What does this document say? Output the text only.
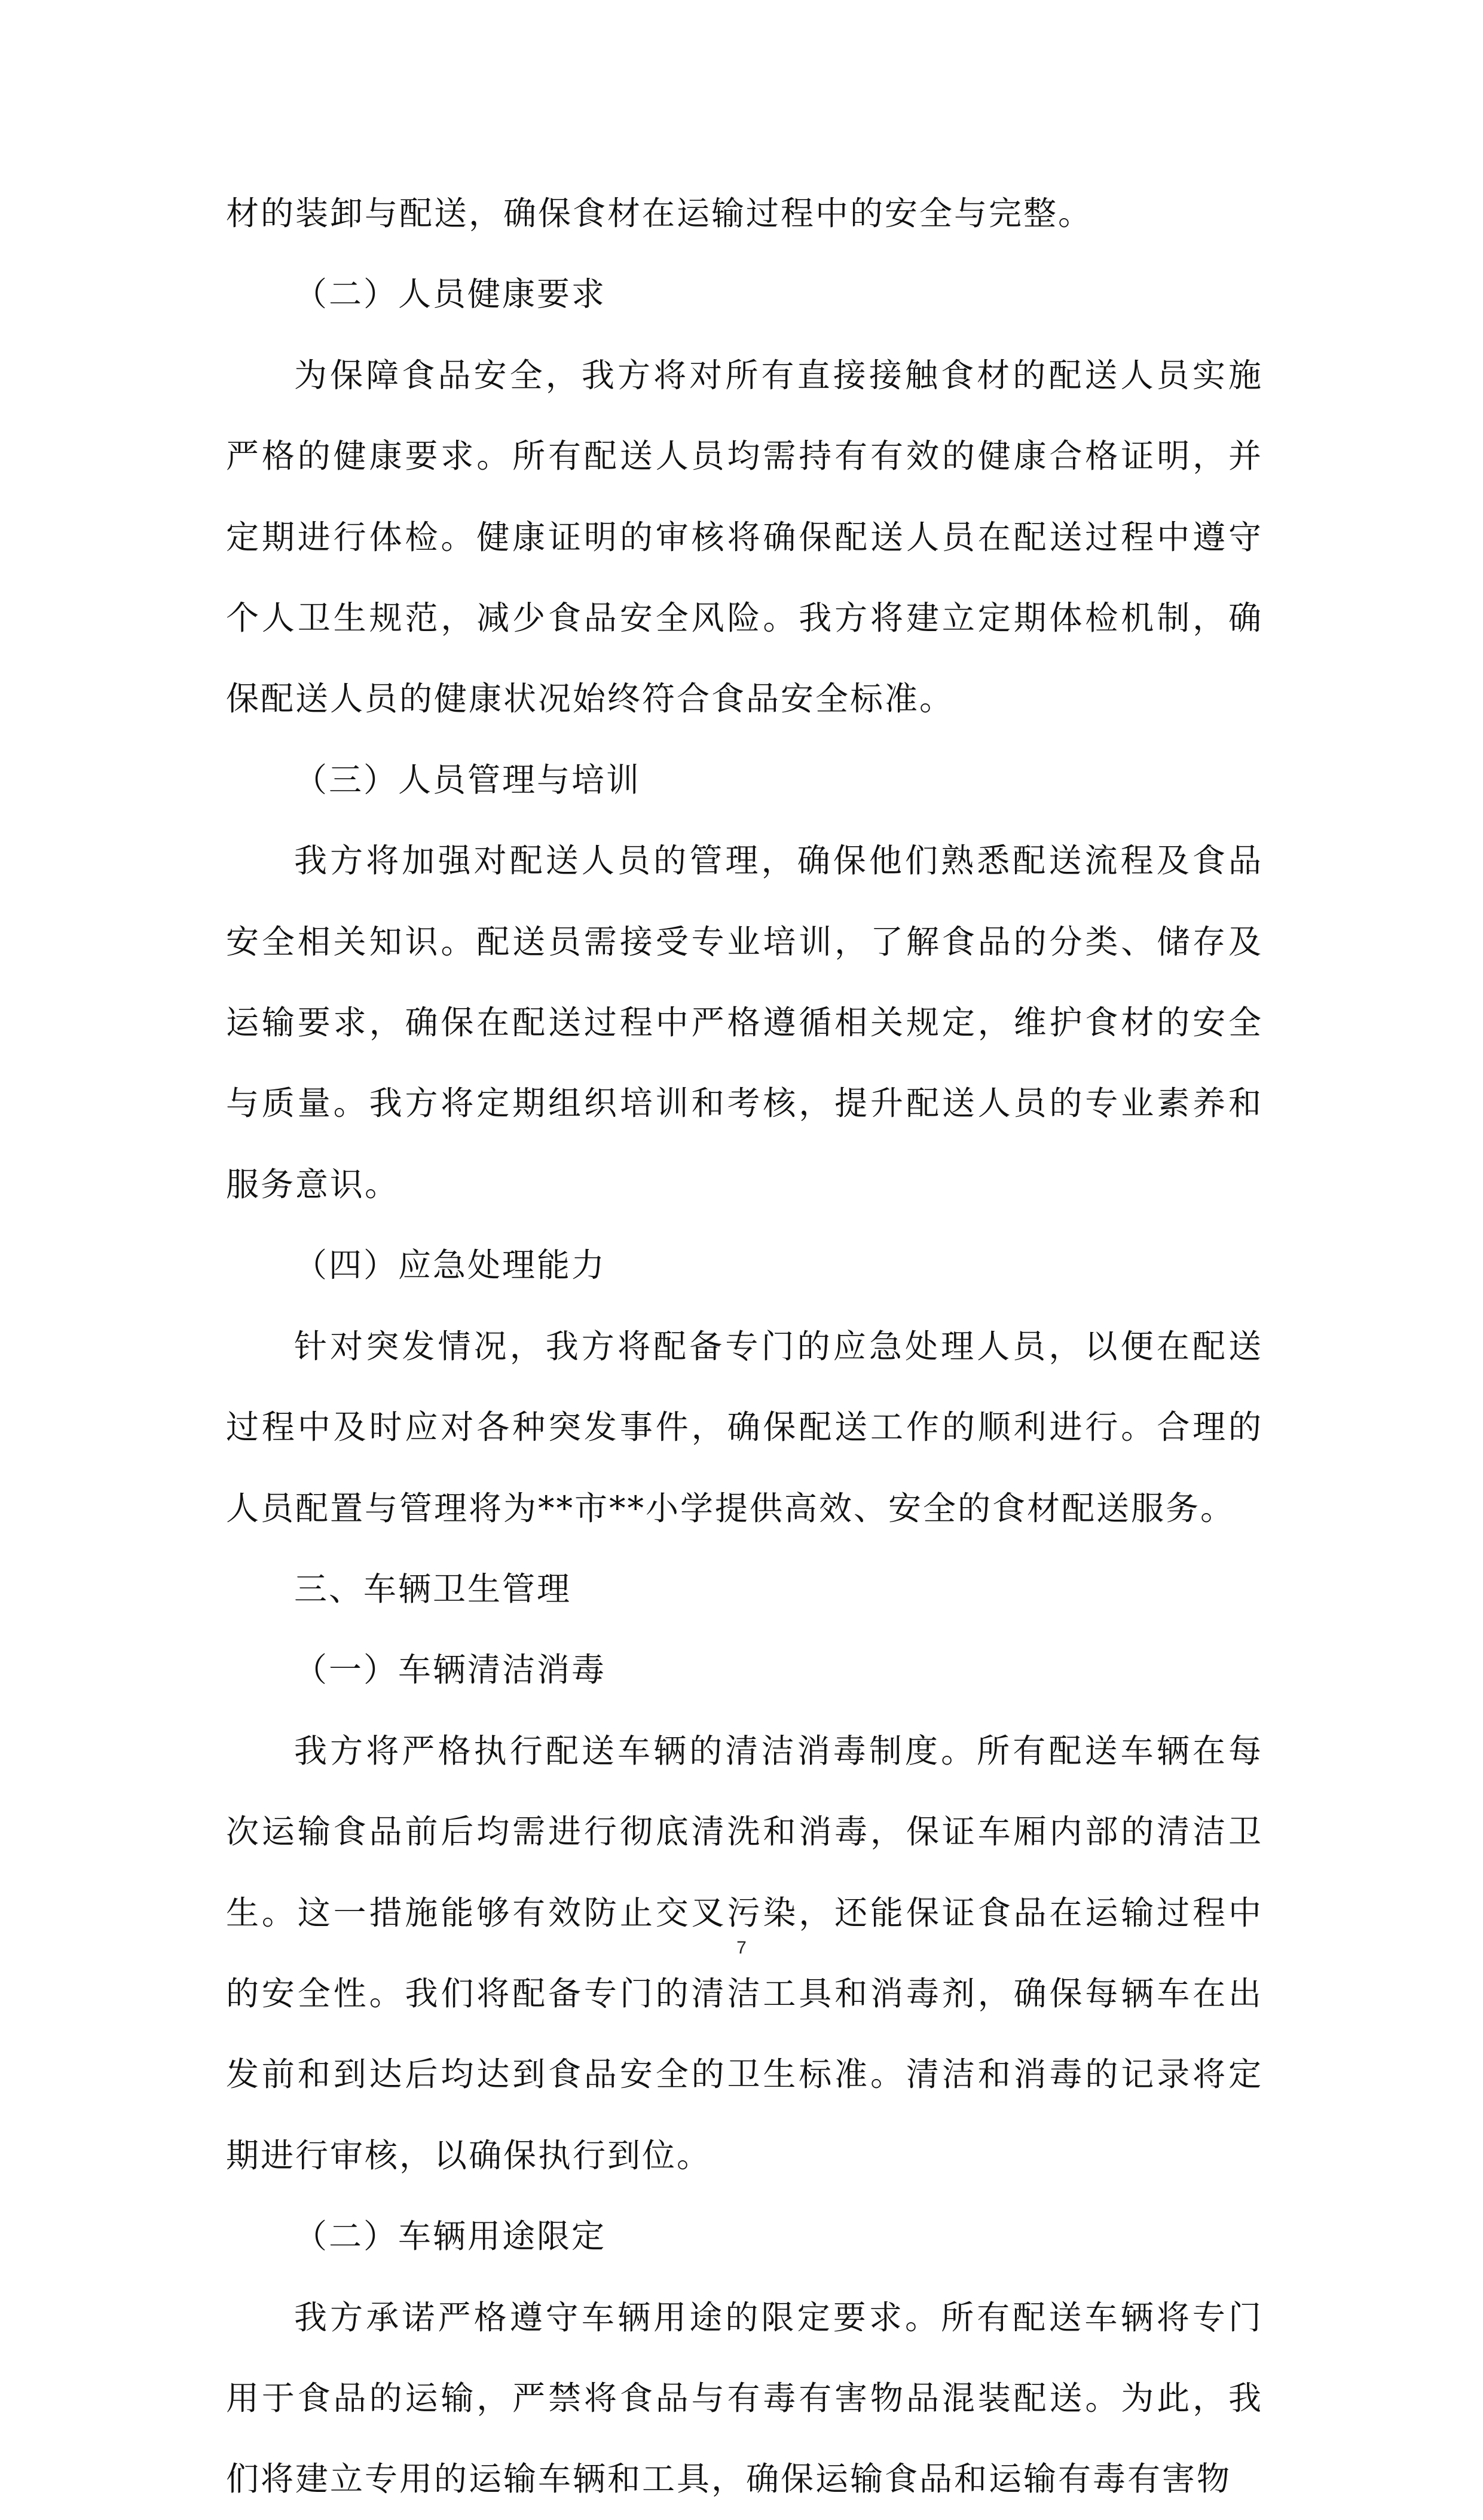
材的装卸与配送，确保食材在运输过程中的安全与完整。

（二）人员健康要求

为保障食品安全，我方将对所有直接接触食材的配送人员实施严格的健康要求。所有配送人员均需持有有效的健康合格证明，并定期进行体检。健康证明的审核将确保配送人员在配送过程中遵守个人卫生规范，减少食品安全风险。我方将建立定期体检机制，确保配送人员的健康状况始终符合食品安全标准。

（三）人员管理与培训

我方将加强对配送人员的管理，确保他们熟悉配送流程及食品安全相关知识。配送员需接受专业培训，了解食品的分类、储存及运输要求，确保在配送过程中严格遵循相关规定，维护食材的安全与质量。我方将定期组织培训和考核，提升配送人员的专业素养和服务意识。

（四）应急处理能力

针对突发情况，我方将配备专门的应急处理人员，以便在配送过程中及时应对各种突发事件，确保配送工作的顺利进行。合理的人员配置与管理将为**市**小学提供高效、安全的食材配送服务。

三、车辆卫生管理

（一）车辆清洁消毒

我方将严格执行配送车辆的清洁消毒制度。所有配送车辆在每次运输食品前后均需进行彻底清洗和消毒，保证车厢内部的清洁卫生。这一措施能够有效防止交叉污染，还能保证食品在运输过程中的安全性。我们将配备专门的清洁工具和消毒剂，确保每辆车在出发前和到达后均达到食品安全的卫生标准。清洁和消毒的记录将定期进行审核，以确保执行到位。

（二）车辆用途限定

我方承诺严格遵守车辆用途的限定要求。所有配送车辆将专门用于食品的运输，严禁将食品与有毒有害物品混装配送。为此，我们将建立专用的运输车辆和工具，确保运输食品和运输有毒有害物

7
